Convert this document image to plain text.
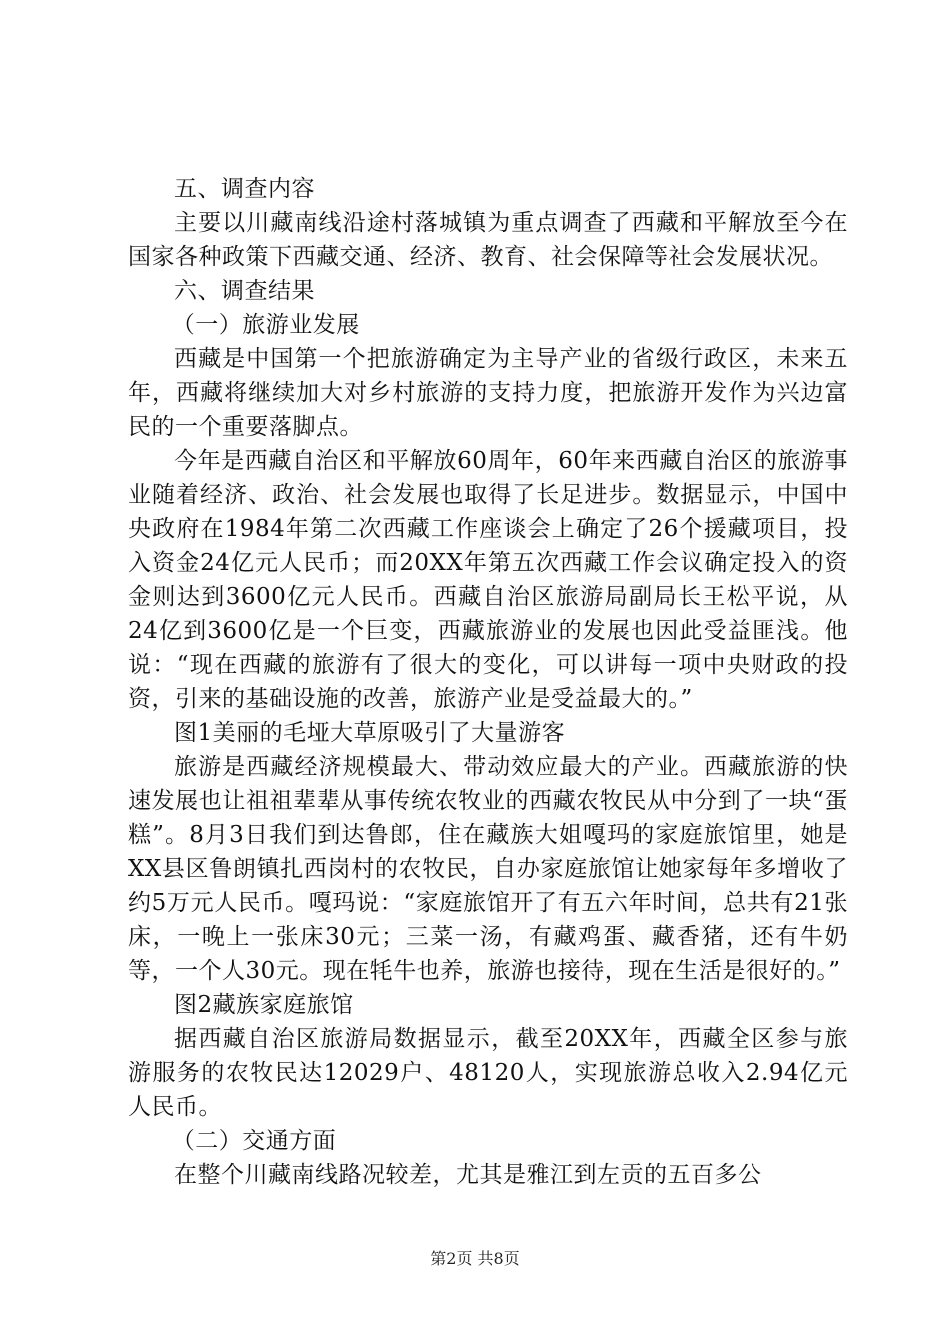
五、调查内容

主要以川藏南线沿途村落城镇为重点调查了西藏和平解放至今在国家各种政策下西藏交通、经济、教育、社会保障等社会发展状况。

六、调查结果

（一）旅游业发展

西藏是中国第一个把旅游确定为主导产业的省级行政区，未来五年，西藏将继续加大对乡村旅游的支持力度，把旅游开发作为兴边富民的一个重要落脚点。

今年是西藏自治区和平解放60周年，60年来西藏自治区的旅游事业随着经济、政治、社会发展也取得了长足进步。数据显示，中国中央政府在1984年第二次西藏工作座谈会上确定了26个援藏项目，投入资金24亿元人民币；而20XX年第五次西藏工作会议确定投入的资金则达到3600亿元人民币。西藏自治区旅游局副局长王松平说，从24亿到3600亿是一个巨变，西藏旅游业的发展也因此受益匪浅。他说：“现在西藏的旅游有了很大的变化，可以讲每一项中央财政的投资，引来的基础设施的改善，旅游产业是受益最大的。”

图1美丽的毛垭大草原吸引了大量游客

旅游是西藏经济规模最大、带动效应最大的产业。西藏旅游的快速发展也让祖祖辈辈从事传统农牧业的西藏农牧民从中分到了一块“蛋糕”。8月3日我们到达鲁郎，住在藏族大姐嘎玛的家庭旅馆里，她是XX县区鲁朗镇扎西岗村的农牧民，自办家庭旅馆让她家每年多增收了约5万元人民币。嘎玛说：“家庭旅馆开了有五六年时间，总共有21张床，一晚上一张床30元；三菜一汤，有藏鸡蛋、藏香猪，还有牛奶等，一个人30元。现在牦牛也养，旅游也接待，现在生活是很好的。”

图2藏族家庭旅馆

据西藏自治区旅游局数据显示，截至20XX年，西藏全区参与旅游服务的农牧民达12029户、48120人，实现旅游总收入2.94亿元人民币。

（二）交通方面

在整个川藏南线路况较差，尤其是雅江到左贡的五百多公

第2页 共8页
